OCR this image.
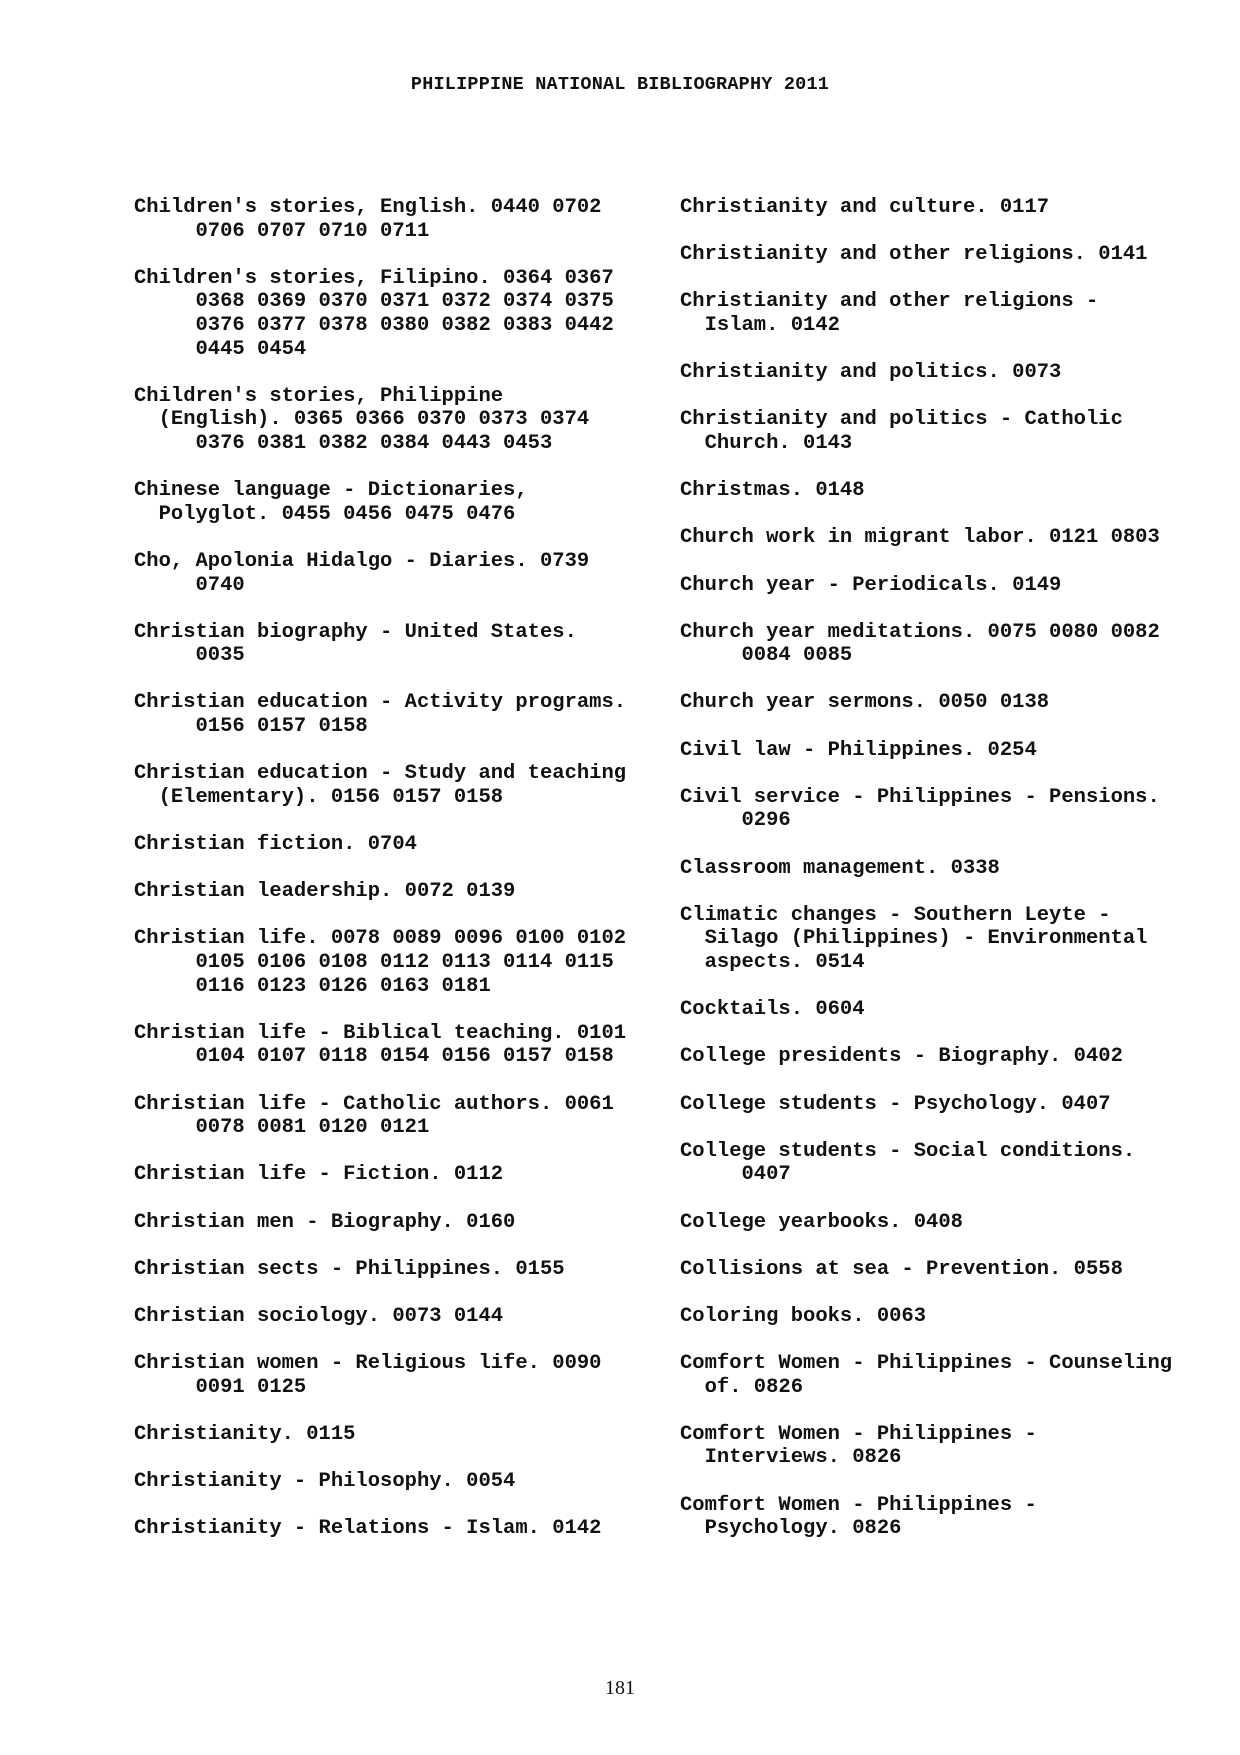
PHILIPPINE NATIONAL BIBLIOGRAPHY 2011
Children's stories, English. 0440 0702
0706 0707 0710 0711
Children's stories, Filipino. 0364 0367
0368 0369 0370 0371 0372 0374 0375
0376 0377 0378 0380 0382 0383 0442
0445 0454
Children's stories, Philippine
(English). 0365 0366 0370 0373 0374
0376 0381 0382 0384 0443 0453
Chinese language - Dictionaries,
Polyglot. 0455 0456 0475 0476
Cho, Apolonia Hidalgo - Diaries. 0739
0740
Christian biography - United States.
0035
Christian education - Activity programs.
0156 0157 0158
Christian education - Study and teaching
(Elementary). 0156 0157 0158
Christian fiction. 0704
Christian leadership. 0072 0139
Christian life. 0078 0089 0096 0100 0102
0105 0106 0108 0112 0113 0114 0115
0116 0123 0126 0163 0181
Christian life - Biblical teaching. 0101
0104 0107 0118 0154 0156 0157 0158
Christian life - Catholic authors. 0061
0078 0081 0120 0121
Christian life - Fiction. 0112
Christian men - Biography. 0160
Christian sects - Philippines. 0155
Christian sociology. 0073 0144
Christian women - Religious life. 0090
0091 0125
Christianity. 0115
Christianity - Philosophy. 0054
Christianity - Relations - Islam. 0142
Christianity and culture. 0117
Christianity and other religions. 0141
Christianity and other religions -
Islam. 0142
Christianity and politics. 0073
Christianity and politics - Catholic
Church. 0143
Christmas. 0148
Church work in migrant labor. 0121 0803
Church year - Periodicals. 0149
Church year meditations. 0075 0080 0082
0084 0085
Church year sermons. 0050 0138
Civil law - Philippines. 0254
Civil service - Philippines - Pensions.
0296
Classroom management. 0338
Climatic changes - Southern Leyte -
Silago (Philippines) - Environmental
aspects. 0514
Cocktails. 0604
College presidents - Biography. 0402
College students - Psychology. 0407
College students - Social conditions.
0407
College yearbooks. 0408
Collisions at sea - Prevention. 0558
Coloring books. 0063
Comfort Women - Philippines - Counseling
of. 0826
Comfort Women - Philippines -
Interviews. 0826
Comfort Women - Philippines -
Psychology. 0826
181
